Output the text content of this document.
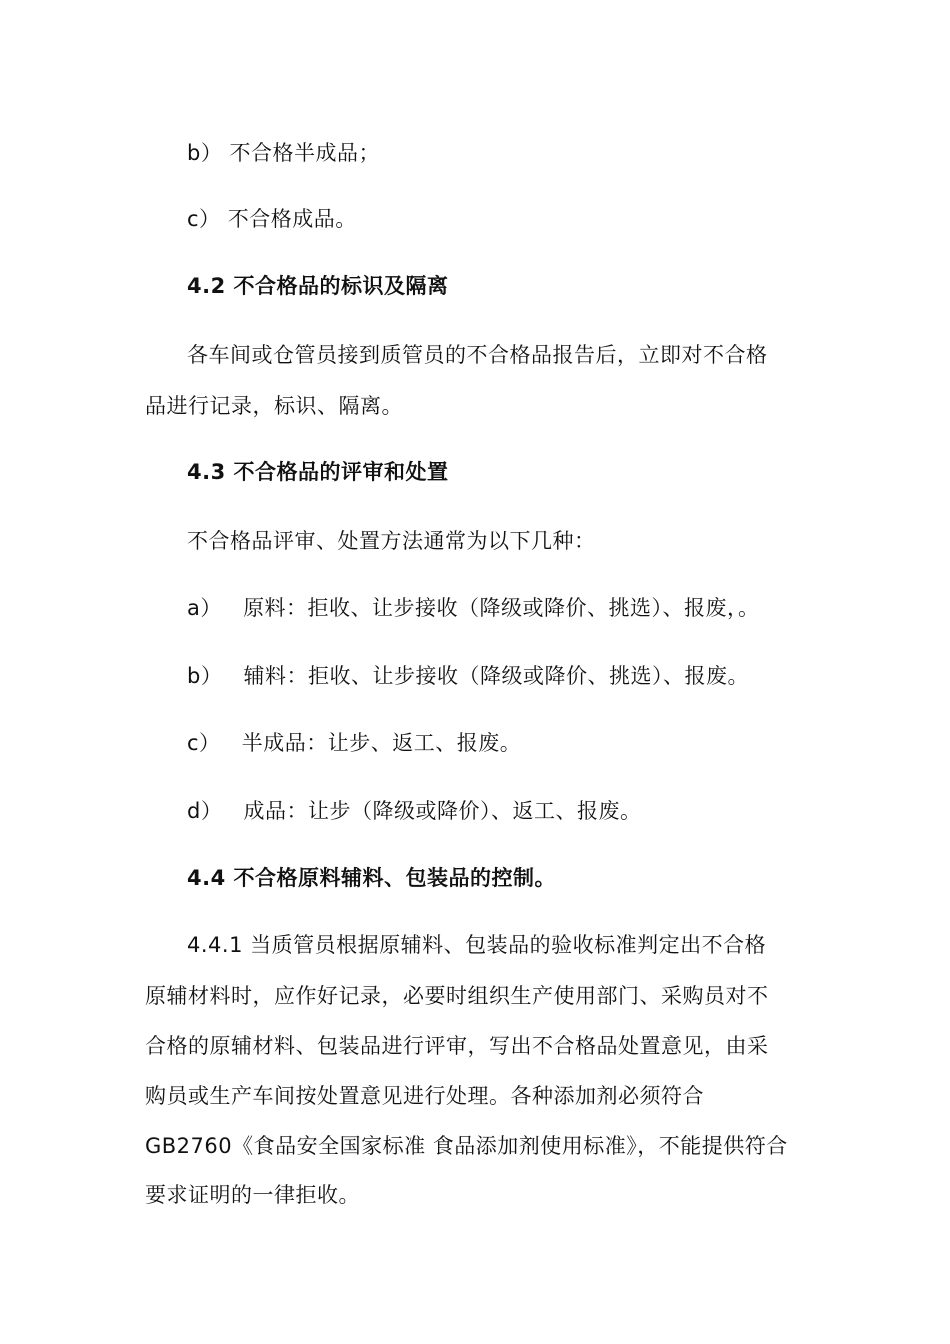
b） 不合格半成品；
c） 不合格成品。
4.2 不合格品的标识及隔离
各车间或仓管员接到质管员的不合格品报告后，立即对不合格
品进行记录，标识、隔离。
4.3 不合格品的评审和处置
不合格品评审、处置方法通常为以下几种：
a） 原料：拒收、让步接收（降级或降价、挑选）、报废，。
b） 辅料：拒收、让步接收（降级或降价、挑选）、报废。
c） 半成品：让步、返工、报废。
d） 成品：让步（降级或降价）、返工、报废。
4.4 不合格原料辅料、包装品的控制。
4.4.1 当质管员根据原辅料、包装品的验收标准判定出不合格
原辅材料时，应作好记录，必要时组织生产使用部门、采购员对不
合格的原辅材料、包装品进行评审，写出不合格品处置意见，由采
购员或生产车间按处置意见进行处理。各种添加剂必须符合
GB2760《食品安全国家标准 食品添加剂使用标准》，不能提供符合
要求证明的一律拒收。
